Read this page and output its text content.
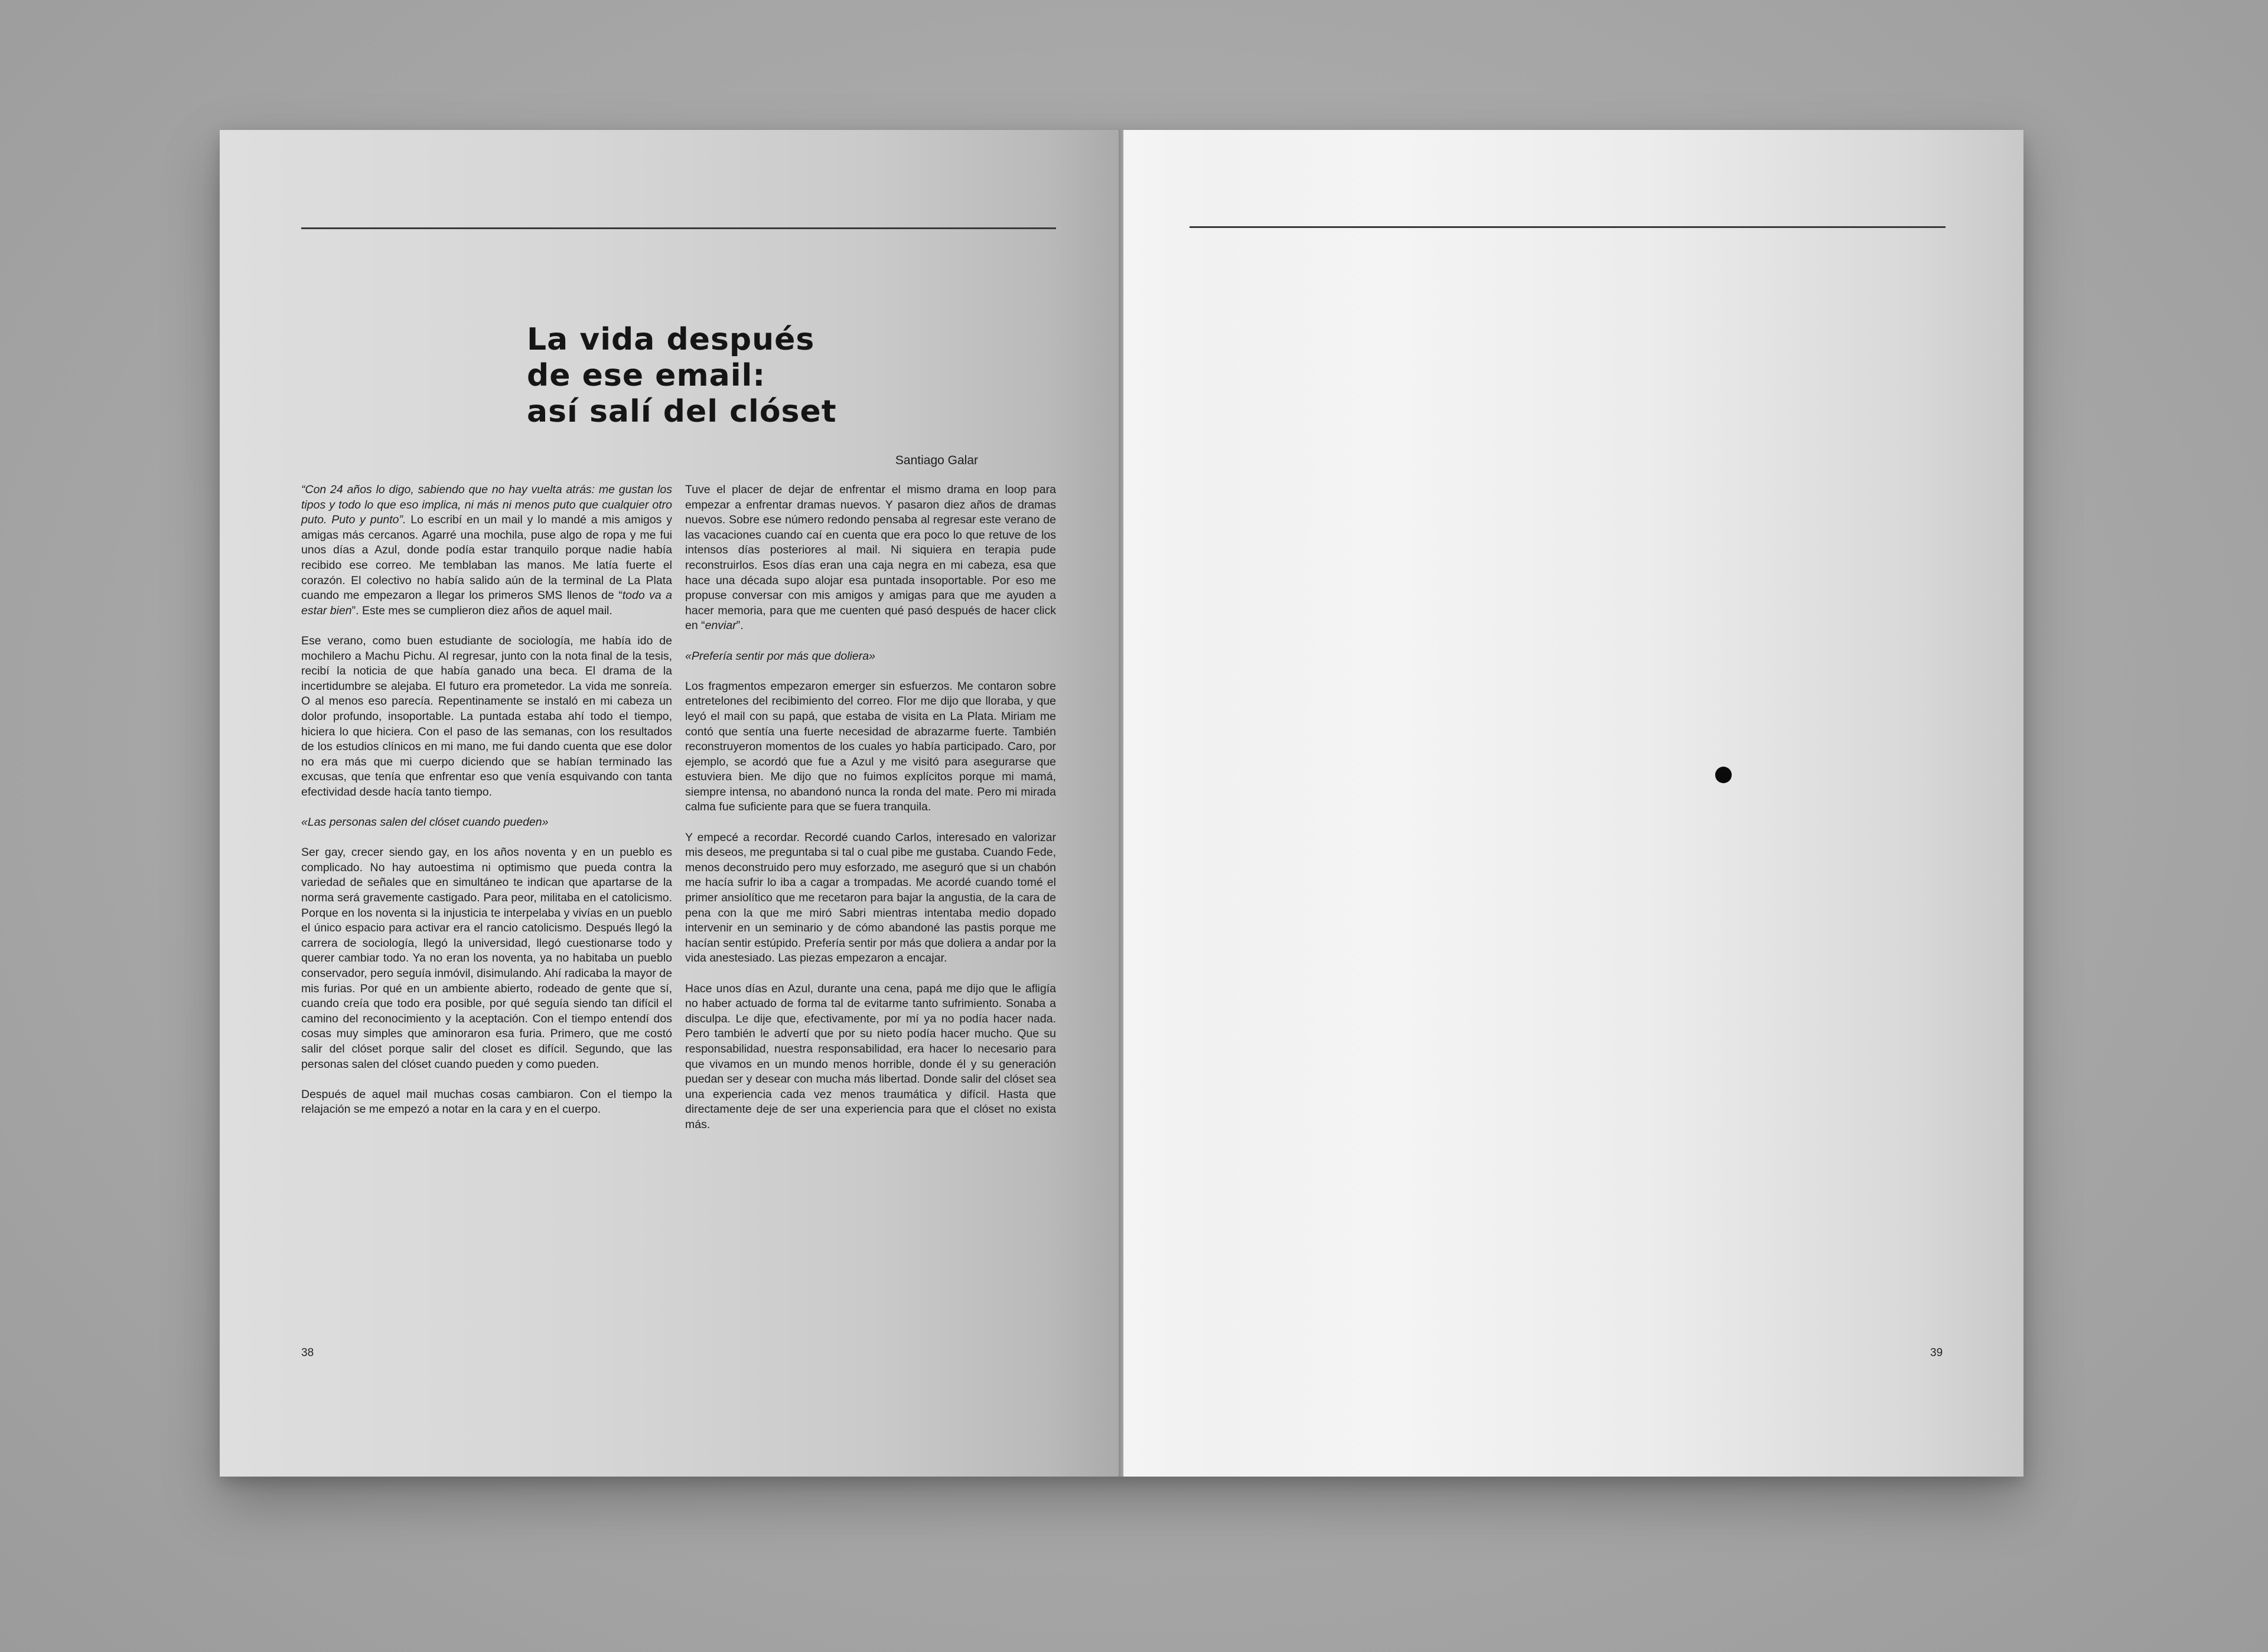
La vida después
de ese email:
así salí del clóset
Santiago Galar

“Con 24 años lo digo, sabiendo que no hay vuelta atrás: me gustan los tipos y todo lo que eso implica, ni más ni menos puto que cualquier otro puto. Puto y punto”. Lo escribí en un mail y lo mandé a mis amigos y amigas más cercanos. Agarré una mochila, puse algo de ropa y me fui unos días a Azul, donde podía estar tranquilo porque nadie había recibido ese correo. Me temblaban las manos. Me latía fuerte el corazón. El colectivo no había salido aún de la terminal de La Plata cuando me empezaron a llegar los primeros SMS llenos de “todo va a estar bien”. Este mes se cumplieron diez años de aquel mail.

Ese verano, como buen estudiante de sociología, me había ido de mochilero a Machu Pichu. Al regresar, junto con la nota final de la tesis, recibí la noticia de que había ganado una beca. El drama de la incertidumbre se alejaba. El futuro era prometedor. La vida me sonreía. O al menos eso parecía. Repentinamente se instaló en mi cabeza un dolor profundo, insoportable. La puntada estaba ahí todo el tiempo, hiciera lo que hiciera. Con el paso de las semanas, con los resultados de los estudios clínicos en mi mano, me fui dando cuenta que ese dolor no era más que mi cuerpo diciendo que se habían terminado las excusas, que tenía que enfrentar eso que venía esquivando con tanta efectividad desde hacía tanto tiempo.

«Las personas salen del clóset cuando pueden»

Ser gay, crecer siendo gay, en los años noventa y en un pueblo es complicado. No hay autoestima ni optimismo que pueda contra la variedad de señales que en simultáneo te indican que apartarse de la norma será gravemente castigado. Para peor, militaba en el catolicismo. Porque en los noventa si la injusticia te interpelaba y vivías en un pueblo el único espacio para activar era el rancio catolicismo. Después llegó la carrera de sociología, llegó la universidad, llegó cuestionarse todo y querer cambiar todo. Ya no eran los noventa, ya no habitaba un pueblo conservador, pero seguía inmóvil, disimulando. Ahí radicaba la mayor de mis furias. Por qué en un ambiente abierto, rodeado de gente que sí, cuando creía que todo era posible, por qué seguía siendo tan difícil el camino del reconocimiento y la aceptación. Con el tiempo entendí dos cosas muy simples que aminoraron esa furia. Primero, que me costó salir del clóset porque salir del closet es difícil. Segundo, que las personas salen del clóset cuando pueden y como pueden.

Después de aquel mail muchas cosas cambiaron. Con el tiempo la relajación se me empezó a notar en la cara y en el cuerpo.

Tuve el placer de dejar de enfrentar el mismo drama en loop para empezar a enfrentar dramas nuevos. Y pasaron diez años de dramas nuevos. Sobre ese número redondo pensaba al regresar este verano de las vacaciones cuando caí en cuenta que era poco lo que retuve de los intensos días posteriores al mail. Ni siquiera en terapia pude reconstruirlos. Esos días eran una caja negra en mi cabeza, esa que hace una década supo alojar esa puntada insoportable. Por eso me propuse conversar con mis amigos y amigas para que me ayuden a hacer memoria, para que me cuenten qué pasó después de hacer click en “enviar”.

«Prefería sentir por más que doliera»

Los fragmentos empezaron emerger sin esfuerzos. Me contaron sobre entretelones del recibimiento del correo. Flor me dijo que lloraba, y que leyó el mail con su papá, que estaba de visita en La Plata. Miriam me contó que sentía una fuerte necesidad de abrazarme fuerte. También reconstruyeron momentos de los cuales yo había participado. Caro, por ejemplo, se acordó que fue a Azul y me visitó para asegurarse que estuviera bien. Me dijo que no fuimos explícitos porque mi mamá, siempre intensa, no abandonó nunca la ronda del mate. Pero mi mirada calma fue suficiente para que se fuera tranquila.

Y empecé a recordar. Recordé cuando Carlos, interesado en valorizar mis deseos, me preguntaba si tal o cual pibe me gustaba. Cuando Fede, menos deconstruido pero muy esforzado, me aseguró que si un chabón me hacía sufrir lo iba a cagar a trompadas. Me acordé cuando tomé el primer ansiolítico que me recetaron para bajar la angustia, de la cara de pena con la que me miró Sabri mientras intentaba medio dopado intervenir en un seminario y de cómo abandoné las pastis porque me hacían sentir estúpido. Prefería sentir por más que doliera a andar por la vida anestesiado. Las piezas empezaron a encajar.

Hace unos días en Azul, durante una cena, papá me dijo que le afligía no haber actuado de forma tal de evitarme tanto sufrimiento. Sonaba a disculpa. Le dije que, efectivamente, por mí ya no podía hacer nada. Pero también le advertí que por su nieto podía hacer mucho. Que su responsabilidad, nuestra responsabilidad, era hacer lo necesario para que vivamos en un mundo menos horrible, donde él y su generación puedan ser y desear con mucha más libertad. Donde salir del clóset sea una experiencia cada vez menos traumática y difícil. Hasta que directamente deje de ser una experiencia para que el clóset no exista más.

38	39
